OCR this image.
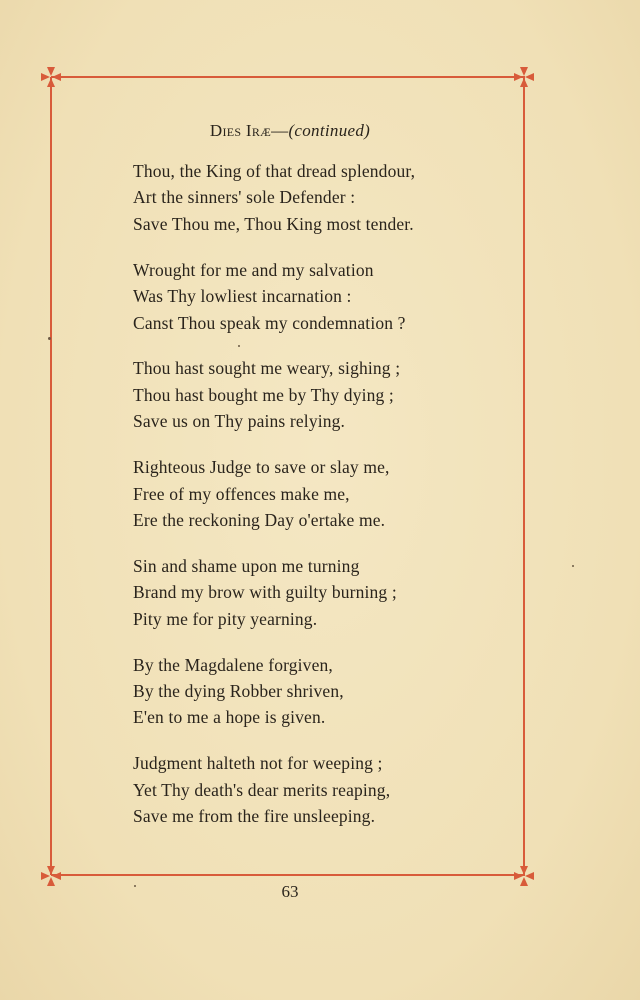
Dies Iræ—(continued)
Thou, the King of that dread splendour,
Art the sinners' sole Defender :
Save Thou me, Thou King most tender.
Wrought for me and my salvation
Was Thy lowliest incarnation :
Canst Thou speak my condemnation ?
Thou hast sought me weary, sighing ;
Thou hast bought me by Thy dying ;
Save us on Thy pains relying.
Righteous Judge to save or slay me,
Free of my offences make me,
Ere the reckoning Day o'ertake me.
Sin and shame upon me turning
Brand my brow with guilty burning ;
Pity me for pity yearning.
By the Magdalene forgiven,
By the dying Robber shriven,
E'en to me a hope is given.
Judgment halteth not for weeping ;
Yet Thy death's dear merits reaping,
Save me from the fire unsleeping.
63
